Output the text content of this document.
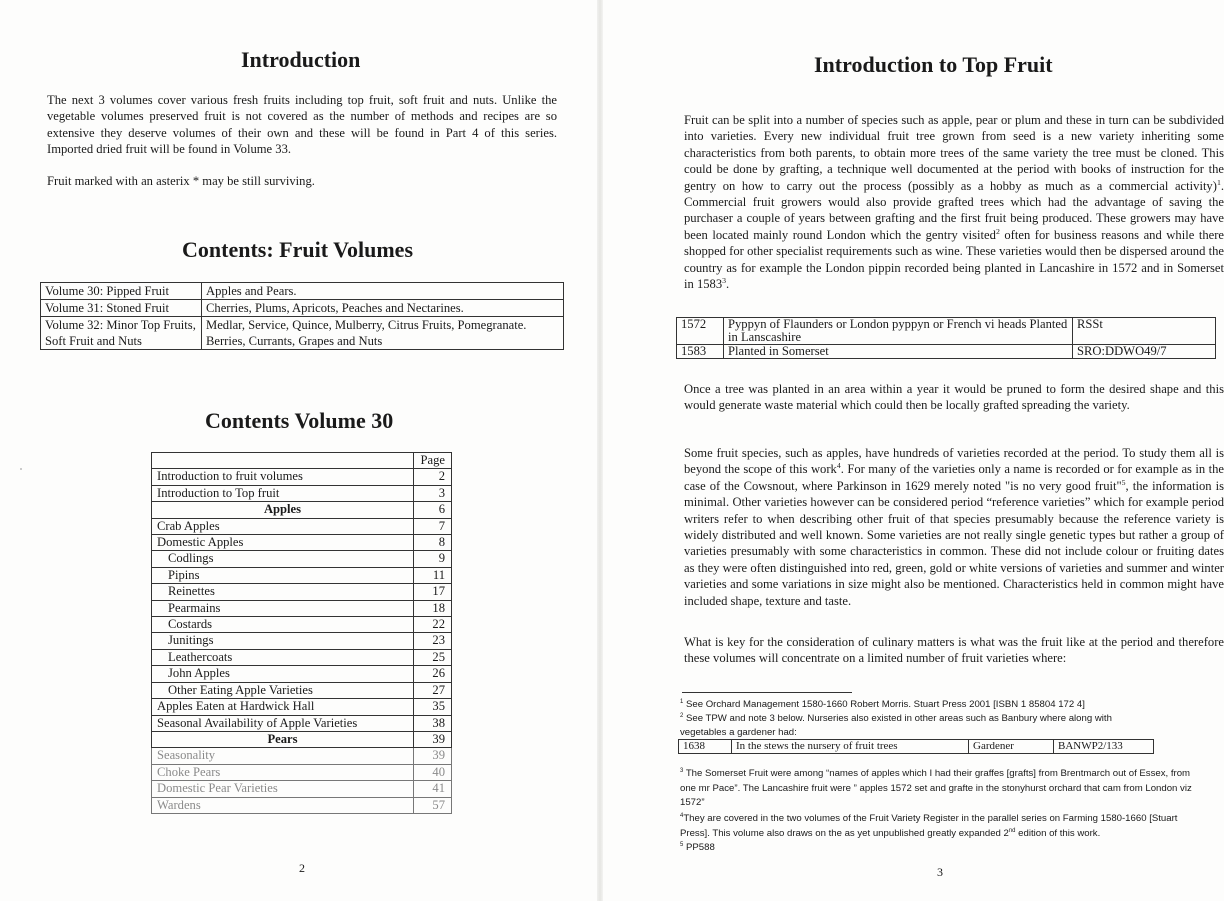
Introduction

The next 3 volumes cover various fresh fruits including top fruit, soft fruit and nuts. Unlike the vegetable volumes preserved fruit is not covered as the number of methods and recipes are so extensive they deserve volumes of their own and these will be found in Part 4 of this series. Imported dried fruit will be found in Volume 33.

Fruit marked with an asterix * may be still surviving.

Contents: Fruit Volumes
Volume 30: Pipped Fruit	Apples and Pears.
Volume 31: Stoned Fruit	Cherries, Plums, Apricots, Peaches and Nectarines.
Volume 32: Minor Top Fruits, Soft Fruit and Nuts	Medlar, Service, Quince, Mulberry, Citrus Fruits, Pomegranate. Berries, Currants, Grapes and Nuts
Contents Volume 30
	Page
Introduction to fruit volumes	2
Introduction to Top fruit	3
Apples	6
Crab Apples	7
Domestic Apples	8
Codlings	9
Pipins	11
Reinettes	17
Pearmains	18
Costards	22
Junitings	23
Leathercoats	25
John Apples	26
Other Eating Apple Varieties	27
Apples Eaten at Hardwick Hall	35
Seasonal Availability of Apple Varieties	38
Pears	39
Seasonality	39
Choke Pears	40
Domestic Pear Varieties	41
Wardens	57
2
Introduction to Top Fruit

Fruit can be split into a number of species such as apple, pear or plum and these in turn can be subdivided into varieties. Every new individual fruit tree grown from seed is a new variety inheriting some characteristics from both parents, to obtain more trees of the same variety the tree must be cloned. This could be done by grafting, a technique well documented at the period with books of instruction for the gentry on how to carry out the process (possibly as a hobby as much as a commercial activity)$^1$. Commercial fruit growers would also provide grafted trees which had the advantage of saving the purchaser a couple of years between grafting and the first fruit being produced. These growers may have been located mainly round London which the gentry visited$^2$ often for business reasons and while there shopped for other specialist requirements such as wine. These varieties would then be dispersed around the country as for example the London pippin recorded being planted in Lancashire in 1572 and in Somerset in 1583$^3$.

1572	Pyppyn of Flaunders or London pyppyn or French vi heads Planted in Lanscashire	RSSt
1583	Planted in Somerset	SRO:DDWO49/7

Once a tree was planted in an area within a year it would be pruned to form the desired shape and this would generate waste material which could then be locally grafted spreading the variety.

Some fruit species, such as apples, have hundreds of varieties recorded at the period. To study them all is beyond the scope of this work$^4$. For many of the varieties only a name is recorded or for example as in the case of the Cowsnout, where Parkinson in 1629 merely noted "is no very good fruit"$^5$, the information is minimal. Other varieties however can be considered period “reference varieties” which for example period writers refer to when describing other fruit of that species presumably because the reference variety is widely distributed and well known. Some varieties are not really single genetic types but rather a group of varieties presumably with some characteristics in common. These did not include colour or fruiting dates as they were often distinguished into red, green, gold or white versions of varieties and summer and winter varieties and some variations in size might also be mentioned. Characteristics held in common might have included shape, texture and taste.

What is key for the consideration of culinary matters is what was the fruit like at the period and therefore these volumes will concentrate on a limited number of fruit varieties where:

$^1$ See Orchard Management 1580-1660 Robert Morris. Stuart Press 2001 [ISBN 1 85804 172 4]

$^2$ See TPW and note 3 below. Nurseries also existed in other areas such as Banbury where along with

vegetables a gardener had:

1638	In the stews the nursery of fruit trees	Gardener	BANWP2/133

$^3$ The Somerset Fruit were among “names of apples which I had their graffes [grafts] from Brentmarch out of Essex, from one mr Pace”. The Lancashire fruit were ” apples 1572 set and grafte in the stonyhurst orchard that cam from London viz 1572”

$^4$They are covered in the two volumes of the Fruit Variety Register in the parallel series on Farming 1580-1660 [Stuart Press]. This volume also draws on the as yet unpublished greatly expanded 2nd edition of this work.

$^5$ PP588

3
